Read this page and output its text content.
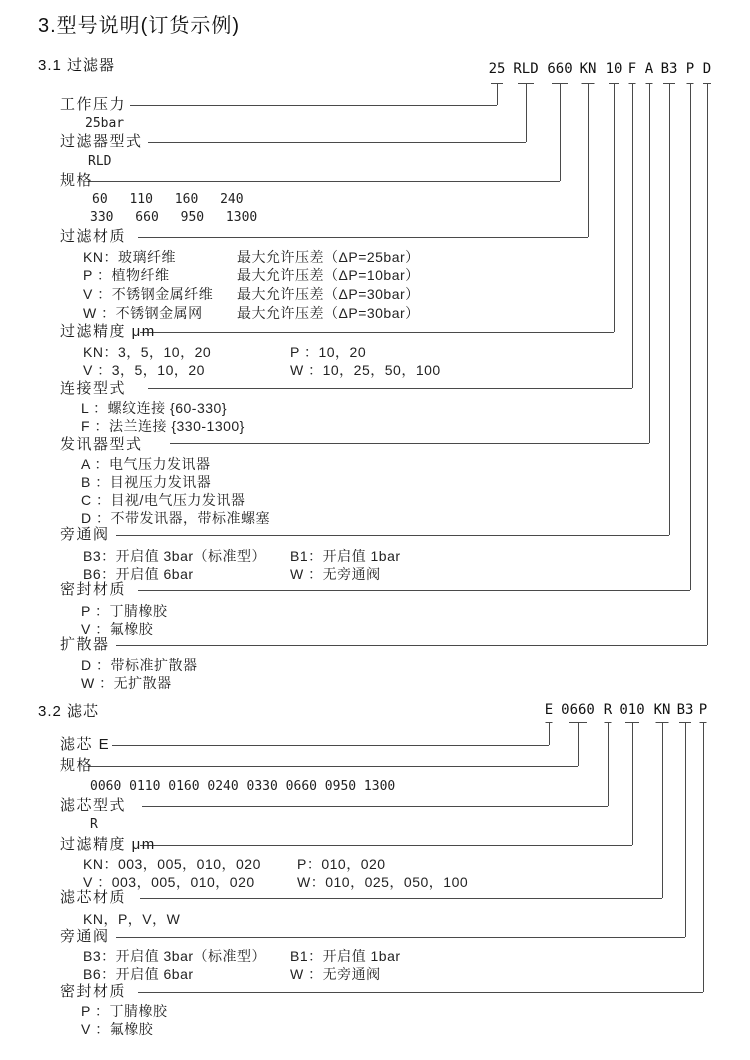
3.型号说明(订货示例)
3.1 过滤器	25 RLD 660 KN 10 F A B3 P D
工作压力
过滤器型式
规格
过滤材质
过滤精度 μm
连接型式
发讯器型式
旁通阀
密封材质
扩散器
25bar
RLD
60 110 160 240
330 660 950 1300
KN：玻璃纤维	最大允许压差（ΔP=25bar）
P ：植物纤维	最大允许压差（ΔP=10bar）
V ：不锈钢金属纤维 最大允许压差（ΔP=30bar）
W ：不锈钢金属网 最大允许压差（ΔP=30bar）
KN：3，5，10，20	P ：10，20
V ：3，5，10，20	W ：10，25，50，100
L ：螺纹连接 {60-330}
F ：法兰连接 {330-1300}
A ：电气压力发讯器
B ：目视压力发讯器
C ：目视/电气压力发讯器
D ：不带发讯器，带标准螺塞
B3：开启值 3bar（标准型） B1：开启值 1bar
B6：开启值 6bar	W ：无旁通阀
P ：丁腈橡胶
V ：氟橡胶
D ：带标准扩散器
W ：无扩散器
3.2 滤芯	E 0660 R 010 KN B3 P
滤芯 E
规格
滤芯型式
过滤精度 μm
滤芯材质
旁通阀
密封材质
0060 0110 0160 0240 0330 0660 0950 1300
R
KN：003，005，010，020	P：010，020
V ：003，005，010，020	W：010，025，050，100
KN，P，V，W
B3：开启值 3bar（标准型） B1：开启值 1bar
B6：开启值 6bar	W ：无旁通阀
P ：丁腈橡胶
V ：氟橡胶
